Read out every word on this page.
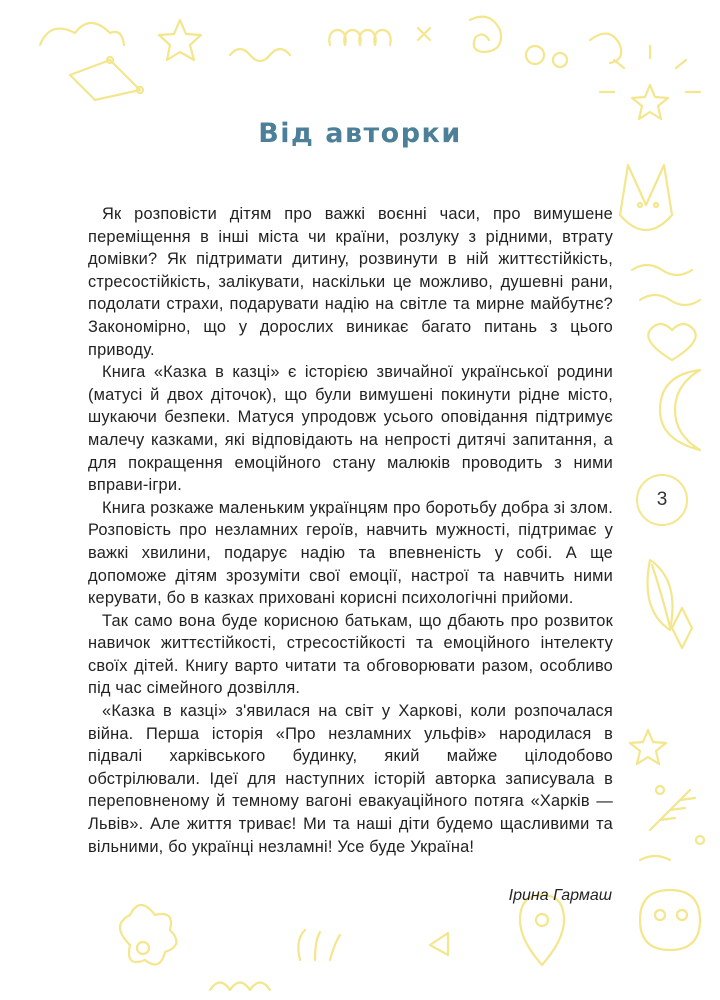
Від авторки

Як розповісти дітям про важкі воєнні часи, про вимушене переміщення в інші міста чи країни, розлуку з рідними, втрату домівки? Як підтримати дитину, розвинути в ній життєстійкість, стресостійкість, залікувати, наскільки це можливо, душевні рани, подолати страхи, подарувати надію на світле та мирне майбутнє? Закономірно, що у дорослих виникає багато питань з цього приводу.

Книга «Казка в казці» є історією звичайної української родини (матусі й двох діточок), що були вимушені покинути рідне місто, шукаючи безпеки. Матуся упродовж усього оповідання підтримує малечу казками, які відповідають на непрості дитячі запитання, а для покращення емоційного стану малюків проводить з ними вправи-ігри.

Книга розкаже маленьким українцям про боротьбу добра зі злом. Розповість про незламних героїв, навчить мужності, підтримає у важкі хвилини, подарує надію та впевненість у собі. А ще допоможе дітям зрозуміти свої емоції, настрої та навчить ними керувати, бо в казках приховані корисні психологічні прийоми.

Так само вона буде корисною батькам, що дбають про розвиток навичок життєстійкості, стресостійкості та емоційного інтелекту своїх дітей. Книгу варто читати та обговорювати разом, особливо під час сімейного дозвілля.

«Казка в казці» з'явилася на світ у Харкові, коли розпочалася війна. Перша історія «Про незламних ульфів» народилася в підвалі харківського будинку, який майже цілодобово обстрілювали. Ідеї для наступних історій авторка записувала в переповненому й темному вагоні евакуаційного потяга «Харків — Львів». Але життя триває! Ми та наші діти будемо щасливими та вільними, бо українці незламні! Усе буде Україна!

Ірина Гармаш
3
